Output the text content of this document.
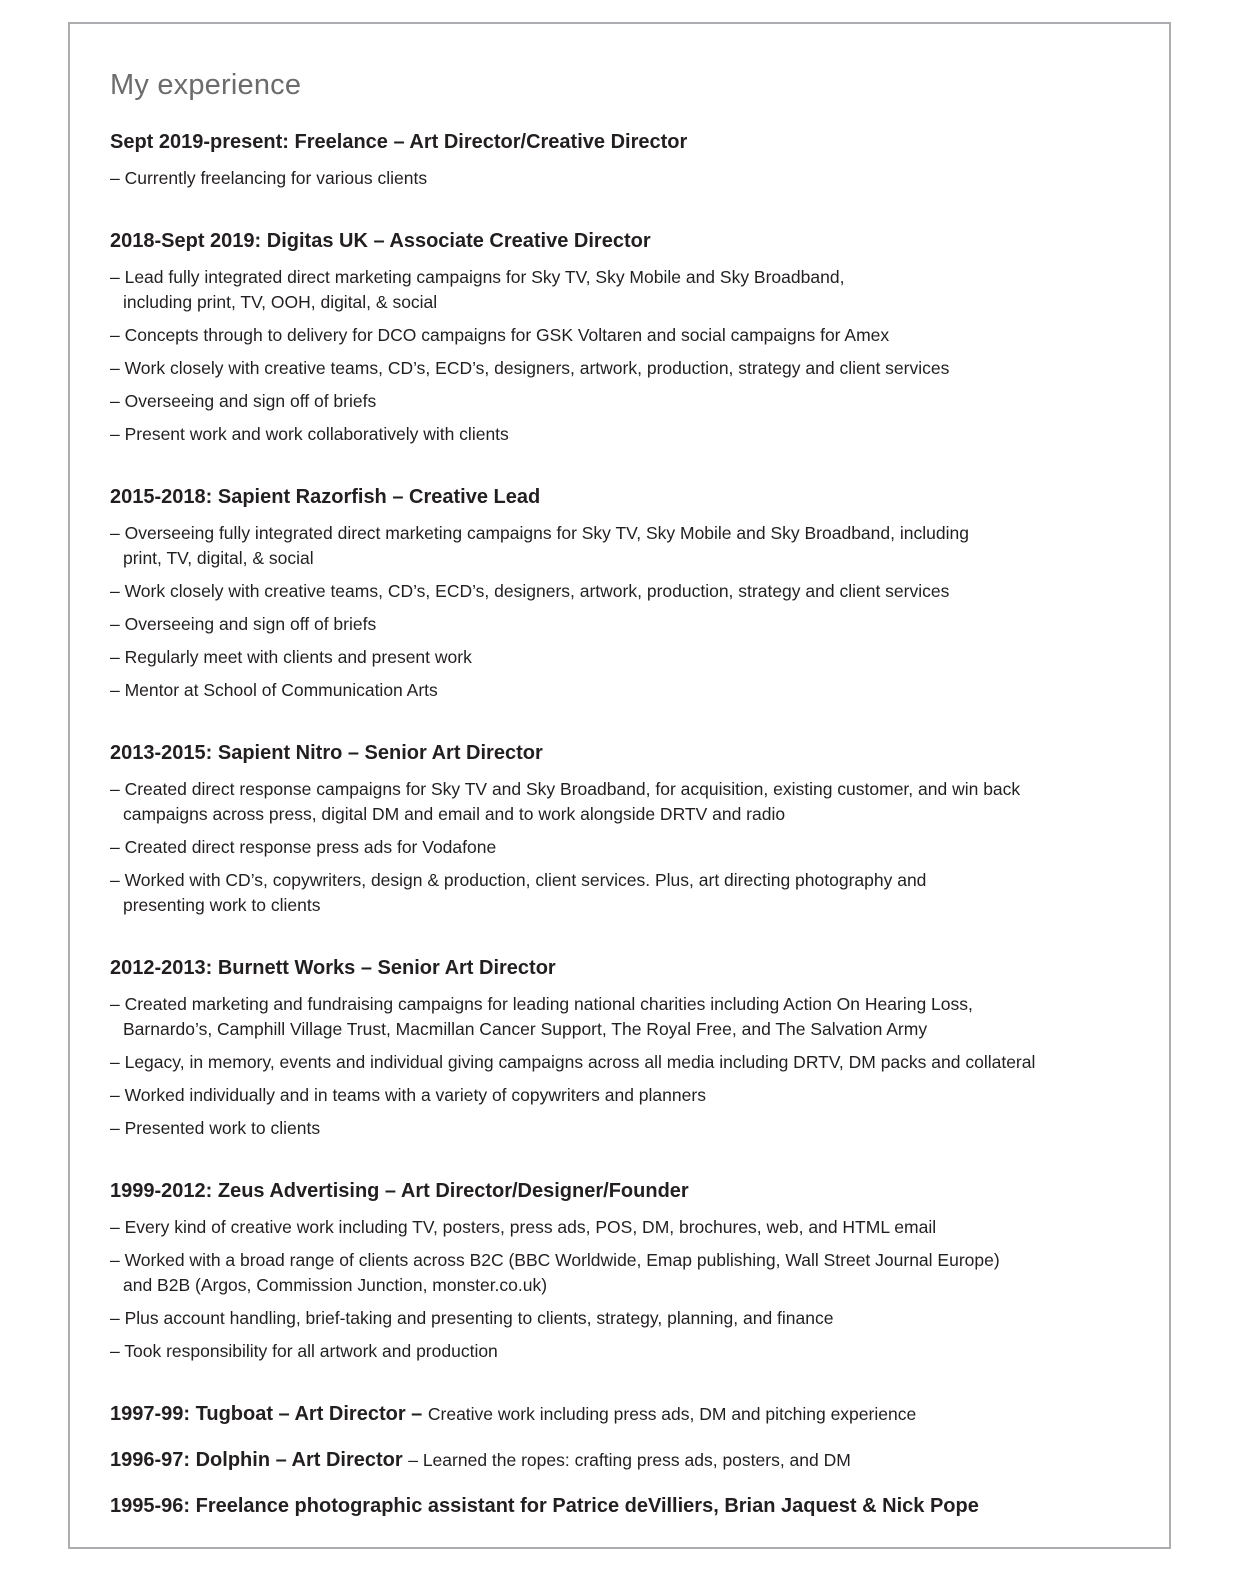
My experience
Sept 2019-present: Freelance – Art Director/Creative Director

– Currently freelancing for various clients

2018-Sept 2019: Digitas UK – Associate Creative Director

– Lead fully integrated direct marketing campaigns for Sky TV, Sky Mobile and Sky Broadband,
including print, TV, OOH, digital, & social

– Concepts through to delivery for DCO campaigns for GSK Voltaren and social campaigns for Amex

– Work closely with creative teams, CD’s, ECD’s, designers, artwork, production, strategy and client services

– Overseeing and sign off of briefs

– Present work and work collaboratively with clients

2015-2018: Sapient Razorfish – Creative Lead

– Overseeing fully integrated direct marketing campaigns for Sky TV, Sky Mobile and Sky Broadband, including
print, TV, digital, & social

– Work closely with creative teams, CD’s, ECD’s, designers, artwork, production, strategy and client services

– Overseeing and sign off of briefs

– Regularly meet with clients and present work

– Mentor at School of Communication Arts

2013-2015: Sapient Nitro – Senior Art Director

– Created direct response campaigns for Sky TV and Sky Broadband, for acquisition, existing customer, and win back
campaigns across press, digital DM and email and to work alongside DRTV and radio

– Created direct response press ads for Vodafone

– Worked with CD’s, copywriters, design & production, client services. Plus, art directing photography and
presenting work to clients

2012-2013: Burnett Works – Senior Art Director

– Created marketing and fundraising campaigns for leading national charities including Action On Hearing Loss,
Barnardo’s, Camphill Village Trust, Macmillan Cancer Support, The Royal Free, and The Salvation Army

– Legacy, in memory, events and individual giving campaigns across all media including DRTV, DM packs and collateral

– Worked individually and in teams with a variety of copywriters and planners

– Presented work to clients

1999-2012: Zeus Advertising – Art Director/Designer/Founder

– Every kind of creative work including TV, posters, press ads, POS, DM, brochures, web, and HTML email

– Worked with a broad range of clients across B2C (BBC Worldwide, Emap publishing, Wall Street Journal Europe)
and B2B (Argos, Commission Junction, monster.co.uk)

– Plus account handling, brief-taking and presenting to clients, strategy, planning, and finance

– Took responsibility for all artwork and production

1997-99: Tugboat – Art Director – Creative work including press ads, DM and pitching experience
1996-97: Dolphin – Art Director – Learned the ropes: crafting press ads, posters, and DM
1995-96: Freelance photographic assistant for Patrice deVilliers, Brian Jaquest & Nick Pope
